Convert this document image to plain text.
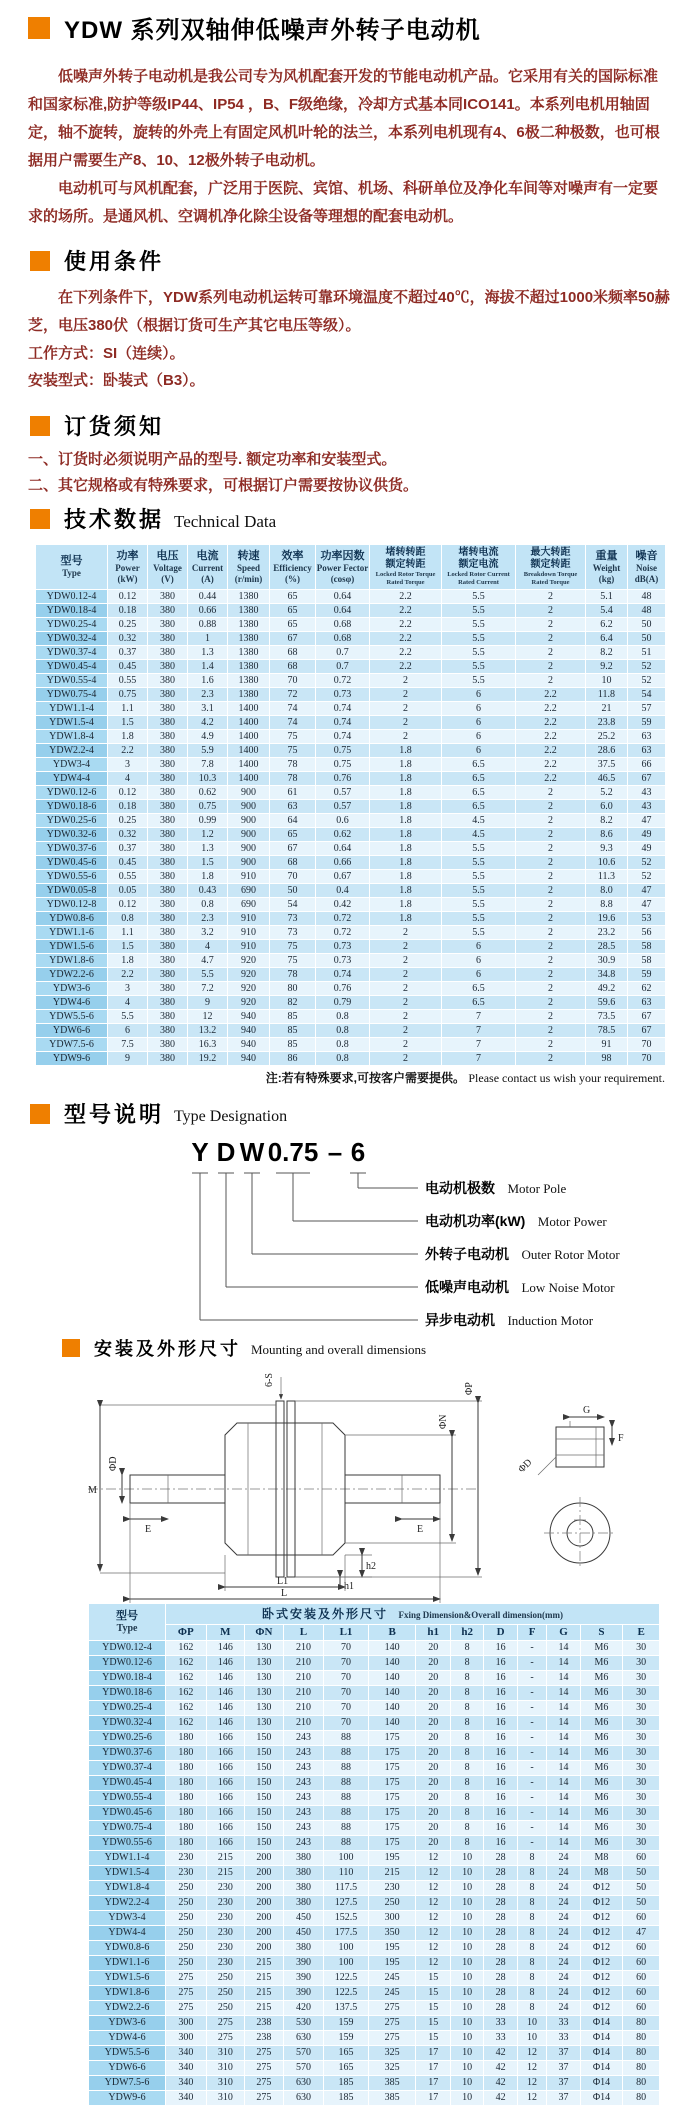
YDW 系列双轴伸低噪声外转子电动机

低噪声外转子电动机是我公司专为风机配套开发的节能电动机产品。它采用有关的国际标准和国家标准,防护等级IP44、IP54 ，B、F级绝缘，冷却方式基本同ICO141。本系列电机用轴固定，轴不旋转，旋转的外壳上有固定风机叶轮的法兰，本系列电机现有4、6极二种极数，也可根据用户需要生产8、10、12极外转子电动机。

电动机可与风机配套，广泛用于医院、宾馆、机场、科研单位及净化车间等对噪声有一定要求的场所。是通风机、空调机净化除尘设备等理想的配套电动机。

使用条件

在下列条件下，YDW系列电动机运转可靠环境温度不超过40℃，海拔不超过1000米频率50赫芝，电压380伏（根据订货可生产其它电压等级）。

工作方式：SI（连续）。
安装型式：卧装式（B3）。
订货须知
一、订货时必须说明产品的型号. 额定功率和安装型式。
二、其它规格或有特殊要求，可根据订户需要按协议供货。
技术数据 Technical Data
型号
Type

功率
Power
(kW)

电压
Voltage
(V)

电流
Current
(A)

转速
Speed
(r/min)

效率
Efficiency
(%)

功率因数
Power Fector
(cosφ)

堵转转距
额定转距
Locked Rotor Torque
Rated Torque

堵转电流
额定电流
Locked Rotor Current
Rated Current

最大转距
额定转距
Breakdown Torque
Rated Torque

重量
Weight
(kg)

噪音
Noise
dB(A)

YDW0.12-4	0.12	380	0.44	1380	65	0.64	2.2	5.5	2	5.1	48
YDW0.18-4	0.18	380	0.66	1380	65	0.64	2.2	5.5	2	5.4	48
YDW0.25-4	0.25	380	0.88	1380	65	0.68	2.2	5.5	2	6.2	50
YDW0.32-4	0.32	380	1	1380	67	0.68	2.2	5.5	2	6.4	50
YDW0.37-4	0.37	380	1.3	1380	68	0.7	2.2	5.5	2	8.2	51
YDW0.45-4	0.45	380	1.4	1380	68	0.7	2.2	5.5	2	9.2	52
YDW0.55-4	0.55	380	1.6	1380	70	0.72	2	5.5	2	10	52
YDW0.75-4	0.75	380	2.3	1380	72	0.73	2	6	2.2	11.8	54
YDW1.1-4	1.1	380	3.1	1400	74	0.74	2	6	2.2	21	57
YDW1.5-4	1.5	380	4.2	1400	74	0.74	2	6	2.2	23.8	59
YDW1.8-4	1.8	380	4.9	1400	75	0.74	2	6	2.2	25.2	63
YDW2.2-4	2.2	380	5.9	1400	75	0.75	1.8	6	2.2	28.6	63
YDW3-4	3	380	7.8	1400	78	0.75	1.8	6.5	2.2	37.5	66
YDW4-4	4	380	10.3	1400	78	0.76	1.8	6.5	2.2	46.5	67
YDW0.12-6	0.12	380	0.62	900	61	0.57	1.8	6.5	2	5.2	43
YDW0.18-6	0.18	380	0.75	900	63	0.57	1.8	6.5	2	6.0	43
YDW0.25-6	0.25	380	0.99	900	64	0.6	1.8	4.5	2	8.2	47
YDW0.32-6	0.32	380	1.2	900	65	0.62	1.8	4.5	2	8.6	49
YDW0.37-6	0.37	380	1.3	900	67	0.64	1.8	5.5	2	9.3	49
YDW0.45-6	0.45	380	1.5	900	68	0.66	1.8	5.5	2	10.6	52
YDW0.55-6	0.55	380	1.8	910	70	0.67	1.8	5.5	2	11.3	52
YDW0.05-8	0.05	380	0.43	690	50	0.4	1.8	5.5	2	8.0	47
YDW0.12-8	0.12	380	0.8	690	54	0.42	1.8	5.5	2	8.8	47
YDW0.8-6	0.8	380	2.3	910	73	0.72	1.8	5.5	2	19.6	53
YDW1.1-6	1.1	380	3.2	910	73	0.72	2	5.5	2	23.2	56
YDW1.5-6	1.5	380	4	910	75	0.73	2	6	2	28.5	58
YDW1.8-6	1.8	380	4.7	920	75	0.73	2	6	2	30.9	58
YDW2.2-6	2.2	380	5.5	920	78	0.74	2	6	2	34.8	59
YDW3-6	3	380	7.2	920	80	0.76	2	6.5	2	49.2	62
YDW4-6	4	380	9	920	82	0.79	2	6.5	2	59.6	63
YDW5.5-6	5.5	380	12	940	85	0.8	2	7	2	73.5	67
YDW6-6	6	380	13.2	940	85	0.8	2	7	2	78.5	67
YDW7.5-6	7.5	380	16.3	940	85	0.8	2	7	2	91	70
YDW9-6	9	380	19.2	940	86	0.8	2	7	2	98	70
注:若有特殊要求,可按客户需要提供。 Please contact us wish your requirement.
型号说明 Type Designation
Y D W 0.75 – 6
电动机极数 Motor Pole
电动机功率(kW) Motor Power
外转子电动机 Outer Rotor Motor
低噪声电动机 Low Noise Motor
异步电动机 Induction Motor
安装及外形尺寸 Mounting and overall dimensions
6-S
M
ΦD
E	E
h2
h1
L1
L
ΦN
ΦP
G
F
ΦD
型号
Type	卧式安装及外形尺寸 Fxing Dimension&Overall dimension(mm)												

	ΦP	M	ΦN	L	L1	B	h1	h2	D	F	G	S	E

YDW0.12-4	162	146	130	210	70	140	20	8	16	-	14	M6	30
YDW0.12-6	162	146	130	210	70	140	20	8	16	-	14	M6	30
YDW0.18-4	162	146	130	210	70	140	20	8	16	-	14	M6	30
YDW0.18-6	162	146	130	210	70	140	20	8	16	-	14	M6	30
YDW0.25-4	162	146	130	210	70	140	20	8	16	-	14	M6	30
YDW0.32-4	162	146	130	210	70	140	20	8	16	-	14	M6	30
YDW0.25-6	180	166	150	243	88	175	20	8	16	-	14	M6	30
YDW0.37-6	180	166	150	243	88	175	20	8	16	-	14	M6	30
YDW0.37-4	180	166	150	243	88	175	20	8	16	-	14	M6	30
YDW0.45-4	180	166	150	243	88	175	20	8	16	-	14	M6	30
YDW0.55-4	180	166	150	243	88	175	20	8	16	-	14	M6	30
YDW0.45-6	180	166	150	243	88	175	20	8	16	-	14	M6	30
YDW0.75-4	180	166	150	243	88	175	20	8	16	-	14	M6	30
YDW0.55-6	180	166	150	243	88	175	20	8	16	-	14	M6	30
YDW1.1-4	230	215	200	380	100	195	12	10	28	8	24	M8	60
YDW1.5-4	230	215	200	380	110	215	12	10	28	8	24	M8	50
YDW1.8-4	250	230	200	380	117.5	230	12	10	28	8	24	Φ12	50
YDW2.2-4	250	230	200	380	127.5	250	12	10	28	8	24	Φ12	50
YDW3-4	250	230	200	450	152.5	300	12	10	28	8	24	Φ12	60
YDW4-4	250	230	200	450	177.5	350	12	10	28	8	24	Φ12	47
YDW0.8-6	250	230	200	380	100	195	12	10	28	8	24	Φ12	60
YDW1.1-6	250	230	215	390	100	195	12	10	28	8	24	Φ12	60
YDW1.5-6	275	250	215	390	122.5	245	15	10	28	8	24	Φ12	60
YDW1.8-6	275	250	215	390	122.5	245	15	10	28	8	24	Φ12	60
YDW2.2-6	275	250	215	420	137.5	275	15	10	28	8	24	Φ12	60
YDW3-6	300	275	238	530	159	275	15	10	33	10	33	Φ14	80
YDW4-6	300	275	238	630	159	275	15	10	33	10	33	Φ14	80
YDW5.5-6	340	310	275	570	165	325	17	10	42	12	37	Φ14	80
YDW6-6	340	310	275	570	165	325	17	10	42	12	37	Φ14	80
YDW7.5-6	340	310	275	630	185	385	17	10	42	12	37	Φ14	80
YDW9-6	340	310	275	630	185	385	17	10	42	12	37	Φ14	80
